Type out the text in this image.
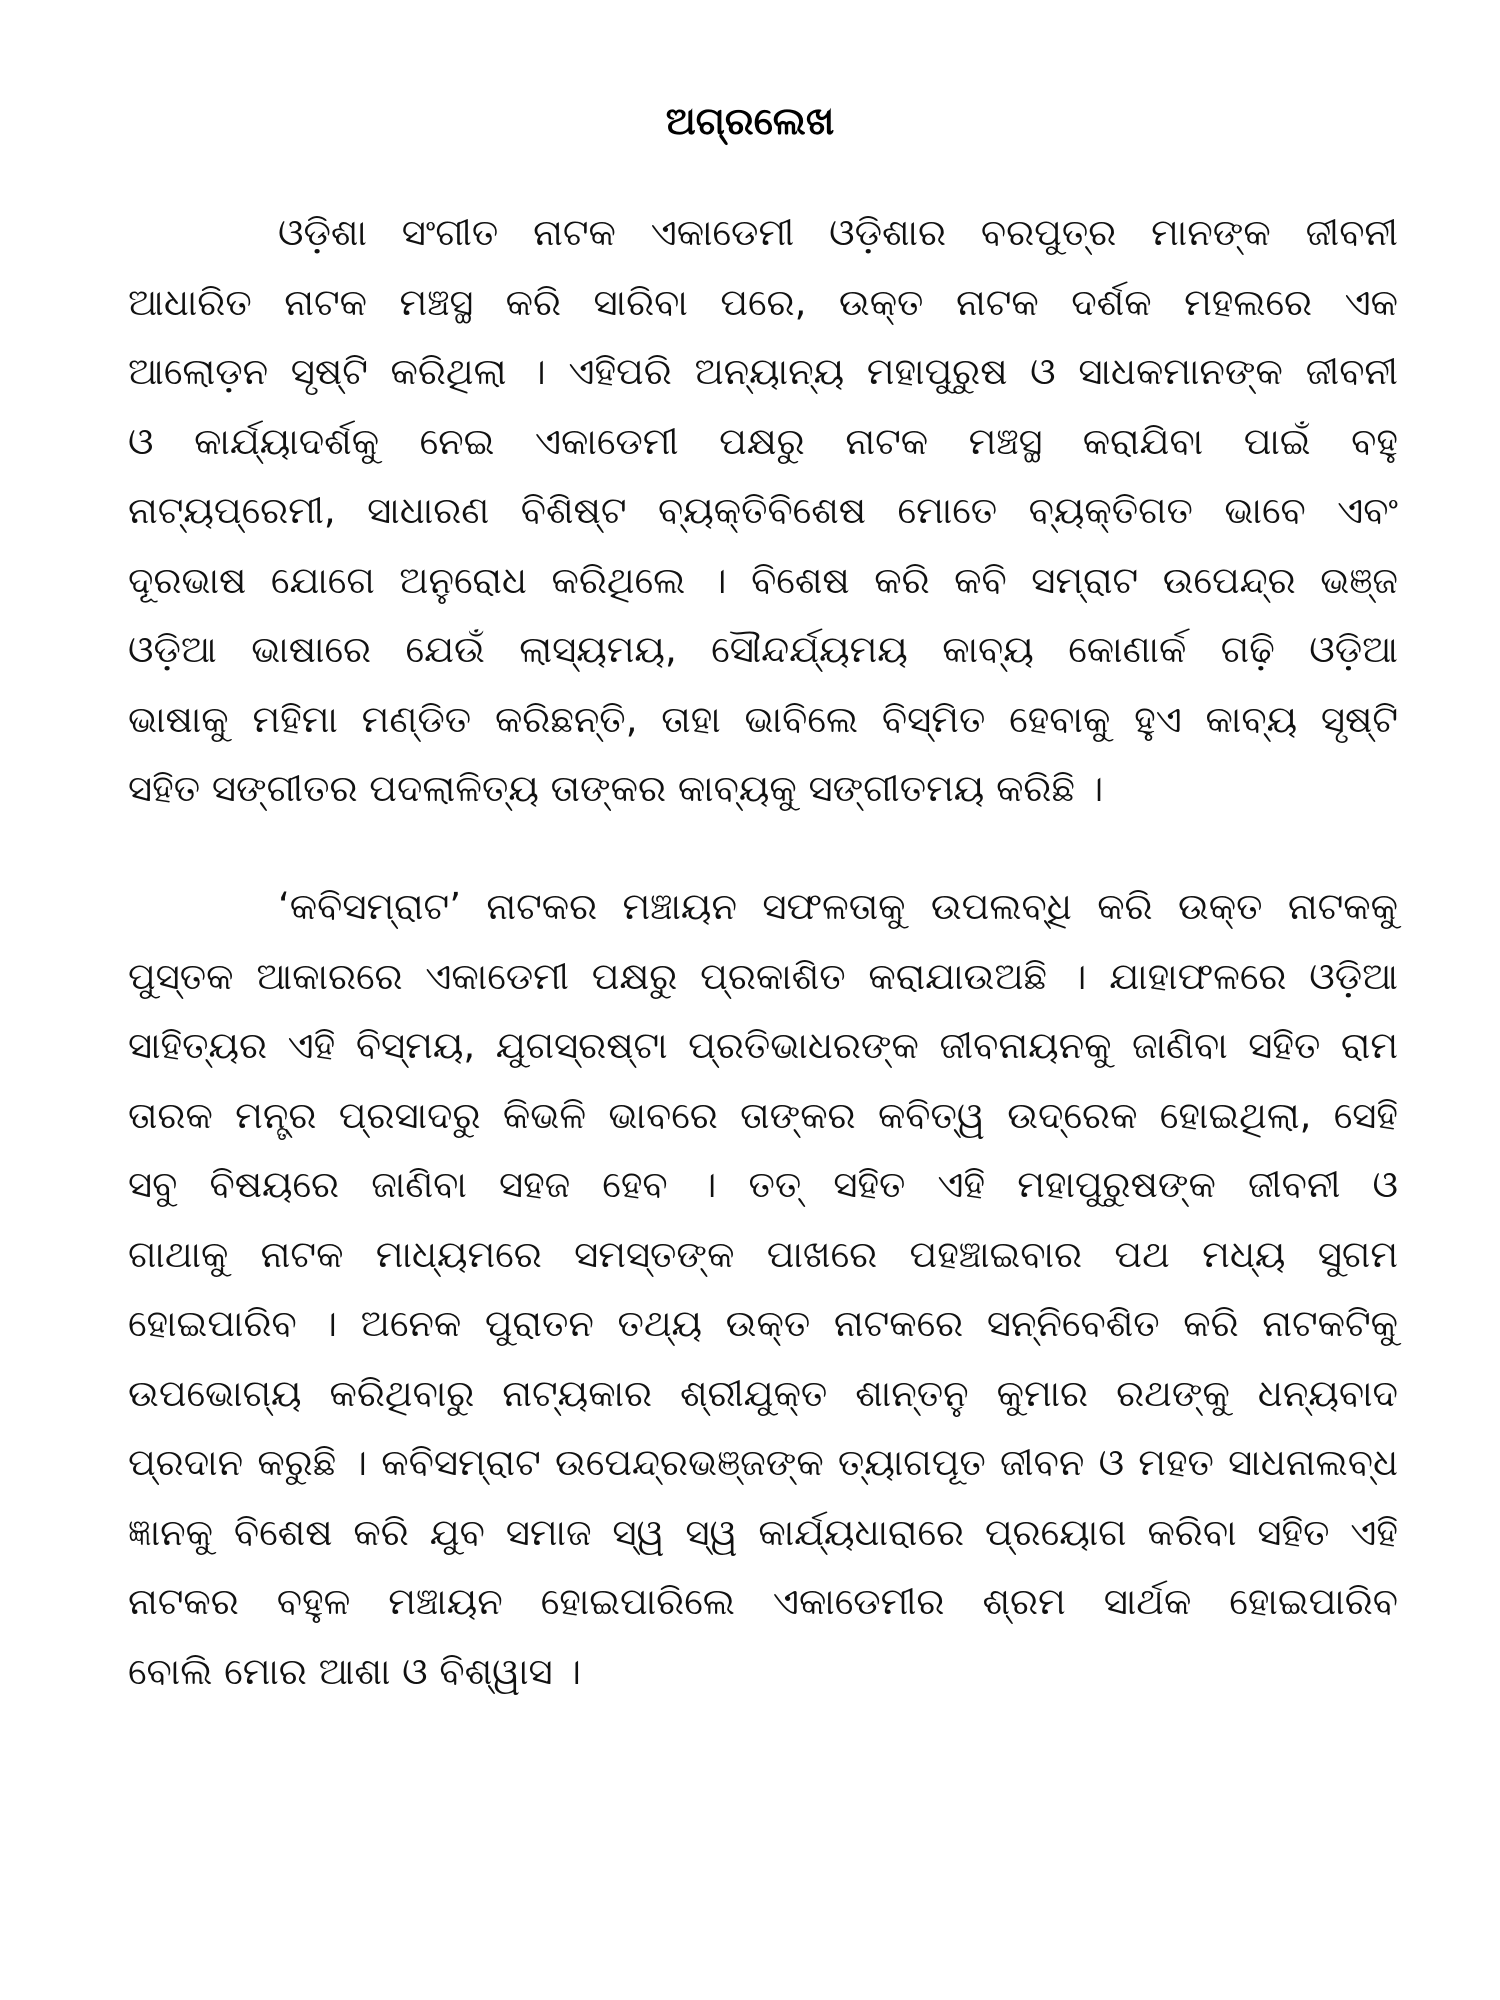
ଅଗ୍ରଲେଖ

ଓଡ଼ିଶା ସଂଗୀତ ନାଟକ ଏକାଡେମୀ ଓଡ଼ିଶାର ବରପୁତ୍ର ମାନଙ୍କ ଜୀବନୀ
ଆଧାରିତ ନାଟକ ମଞ୍ଚସ୍ଥ କରି ସାରିବା ପରେ, ଉକ୍ତ ନାଟକ ଦର୍ଶକ ମହଲରେ ଏକ
ଆଲୋଡ଼ନ ସୃଷ୍ଟି କରିଥିଲା । ଏହିପରି ଅନ୍ୟାନ୍ୟ ମହାପୁରୁଷ ଓ ସାଧକମାନଙ୍କ ଜୀବନୀ
ଓ କାର୍ଯ୍ୟାଦର୍ଶକୁ ନେଇ ଏକାଡେମୀ ପକ୍ଷରୁ ନାଟକ ମଞ୍ଚସ୍ଥ କରାଯିବା ପାଇଁ ବହୁ
ନାଟ୍ୟପ୍ରେମୀ, ସାଧାରଣ ବିଶିଷ୍ଟ ବ୍ୟକ୍ତିବିଶେଷ ମୋତେ ବ୍ୟକ୍ତିଗତ ଭାବେ ଏବଂ
ଦୂରଭାଷ ଯୋଗେ ଅନୁରୋଧ କରିଥିଲେ । ବିଶେଷ କରି କବି ସମ୍ରାଟ ଉପେନ୍ଦ୍ର ଭଞ୍ଜ
ଓଡ଼ିଆ ଭାଷାରେ ଯେଉଁ ଲାସ୍ୟମୟ, ସୌନ୍ଦର୍ଯ୍ୟମୟ କାବ୍ୟ କୋଣାର୍କ ଗଢ଼ି ଓଡ଼ିଆ
ଭାଷାକୁ ମହିମା ମଣ୍ଡିତ କରିଛନ୍ତି, ତାହା ଭାବିଲେ ବିସ୍ମିତ ହେବାକୁ ହୁଏ କାବ୍ୟ ସୃଷ୍ଟି
ସହିତ ସଙ୍ଗୀତର ପଦଲାଳିତ୍ୟ ତାଙ୍କର କାବ୍ୟକୁ ସଙ୍ଗୀତମୟ କରିଛି ।

‘କବିସମ୍ରାଟ’ ନାଟକର ମଞ୍ଚାୟନ ସଫଳତାକୁ ଉପଲବ୍ଧି କରି ଉକ୍ତ ନାଟକକୁ
ପୁସ୍ତକ ଆକାରରେ ଏକାଡେମୀ ପକ୍ଷରୁ ପ୍ରକାଶିତ କରାଯାଉଅଛି । ଯାହାଫଳରେ ଓଡ଼ିଆ
ସାହିତ୍ୟର ଏହି ବିସ୍ମୟ, ଯୁଗସ୍ରଷ୍ଟା ପ୍ରତିଭାଧରଙ୍କ ଜୀବନାୟନକୁ ଜାଣିବା ସହିତ ରାମ
ତାରକ ମନ୍ତ୍ର ପ୍ରସାଦରୁ କିଭଳି ଭାବରେ ତାଙ୍କର କବିତ୍ୱ ଉଦ୍ରେକ ହୋଇଥିଲା, ସେହି
ସବୁ ବିଷୟରେ ଜାଣିବା ସହଜ ହେବ । ତତ୍ ସହିତ ଏହି ମହାପୁରୁଷଙ୍କ ଜୀବନୀ ଓ
ଗାଥାକୁ ନାଟକ ମାଧ୍ୟମରେ ସମସ୍ତଙ୍କ ପାଖରେ ପହଞ୍ଚାଇବାର ପଥ ମଧ୍ୟ ସୁଗମ
ହୋଇପାରିବ । ଅନେକ ପୁରାତନ ତଥ୍ୟ ଉକ୍ତ ନାଟକରେ ସନ୍ନିବେଶିତ କରି ନାଟକଟିକୁ
ଉପଭୋଗ୍ୟ କରିଥିବାରୁ ନାଟ୍ୟକାର ଶ୍ରୀଯୁକ୍ତ ଶାନ୍ତନୁ କୁମାର ରଥଙ୍କୁ ଧନ୍ୟବାଦ
ପ୍ରଦାନ କରୁଛି । କବିସମ୍ରାଟ ଉପେନ୍ଦ୍ରଭଞ୍ଜଙ୍କ ତ୍ୟାଗପୂତ ଜୀବନ ଓ ମହତ ସାଧନାଲବ୍ଧ
ଜ୍ଞାନକୁ ବିଶେଷ କରି ଯୁବ ସମାଜ ସ୍ୱ ସ୍ୱ କାର୍ଯ୍ୟଧାରାରେ ପ୍ରୟୋଗ କରିବା ସହିତ ଏହି
ନାଟକର ବହୁଳ ମଞ୍ଚାୟନ ହୋଇପାରିଲେ ଏକାଡେମୀର ଶ୍ରମ ସାର୍ଥକ ହୋଇପାରିବ
ବୋଲି ମୋର ଆଶା ଓ ବିଶ୍ୱାସ ।
